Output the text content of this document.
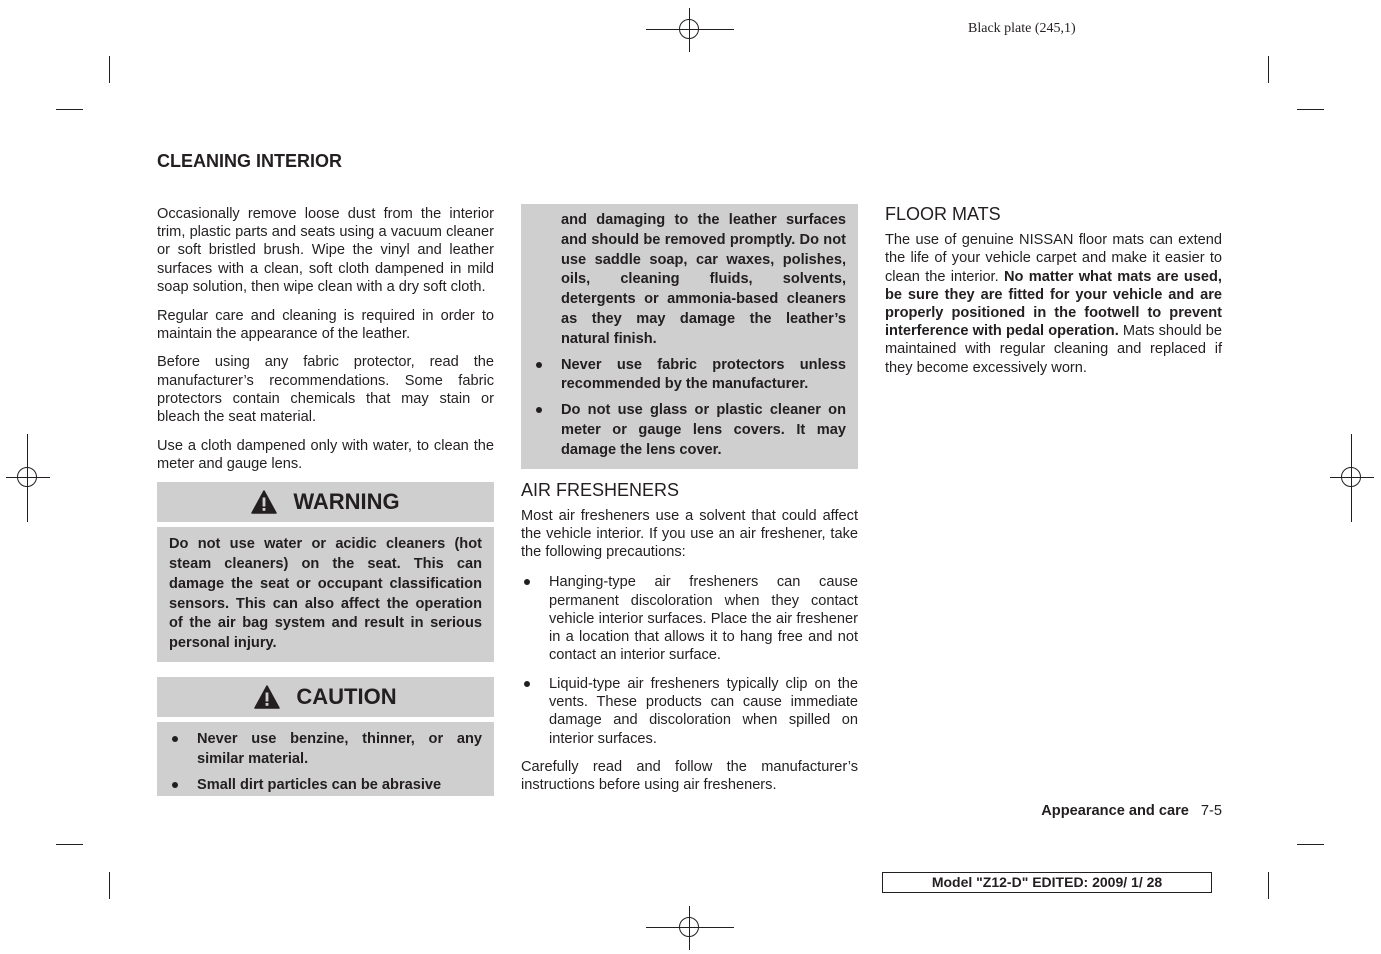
Black plate (245,1)
CLEANING INTERIOR

Occasionally remove loose dust from the interior trim, plastic parts and seats using a vacuum cleaner or soft bristled brush. Wipe the vinyl and leather surfaces with a clean, soft cloth dampened in mild soap solution, then wipe clean with a dry soft cloth.

Regular care and cleaning is required in order to maintain the appearance of the leather.

Before using any fabric protector, read the manufacturer’s recommendations. Some fabric protectors contain chemicals that may stain or bleach the seat material.

Use a cloth dampened only with water, to clean the meter and gauge lens.

WARNING
Do not use water or acidic cleaners (hot steam cleaners) on the seat. This can damage the seat or occupant classification sensors. This can also affect the operation of the air bag system and result in serious personal injury.
CAUTION
Never use benzine, thinner, or any similar material.
Small dirt particles can be abrasive
and damaging to the leather surfaces and should be removed promptly. Do not use saddle soap, car waxes, polishes, oils, cleaning fluids, solvents, detergents or ammonia-based cleaners as they may damage the leather’s natural finish.
Never use fabric protectors unless recommended by the manufacturer.
Do not use glass or plastic cleaner on meter or gauge lens covers. It may damage the lens cover.
AIR FRESHENERS

Most air fresheners use a solvent that could affect the vehicle interior. If you use an air freshener, take the following precautions:

Hanging-type air fresheners can cause permanent discoloration when they contact vehicle interior surfaces. Place the air freshener in a location that allows it to hang free and not contact an interior surface.
Liquid-type air fresheners typically clip on the vents. These products can cause immediate damage and discoloration when spilled on interior surfaces.

Carefully read and follow the manufacturer’s instructions before using air fresheners.

FLOOR MATS

The use of genuine NISSAN floor mats can extend the life of your vehicle carpet and make it easier to clean the interior. No matter what mats are used, be sure they are fitted for your vehicle and are properly positioned in the footwell to prevent interference with pedal operation. Mats should be maintained with regular cleaning and replaced if they become excessively worn.

Appearance and care 7-5
Model "Z12-D" EDITED: 2009/ 1/ 28
